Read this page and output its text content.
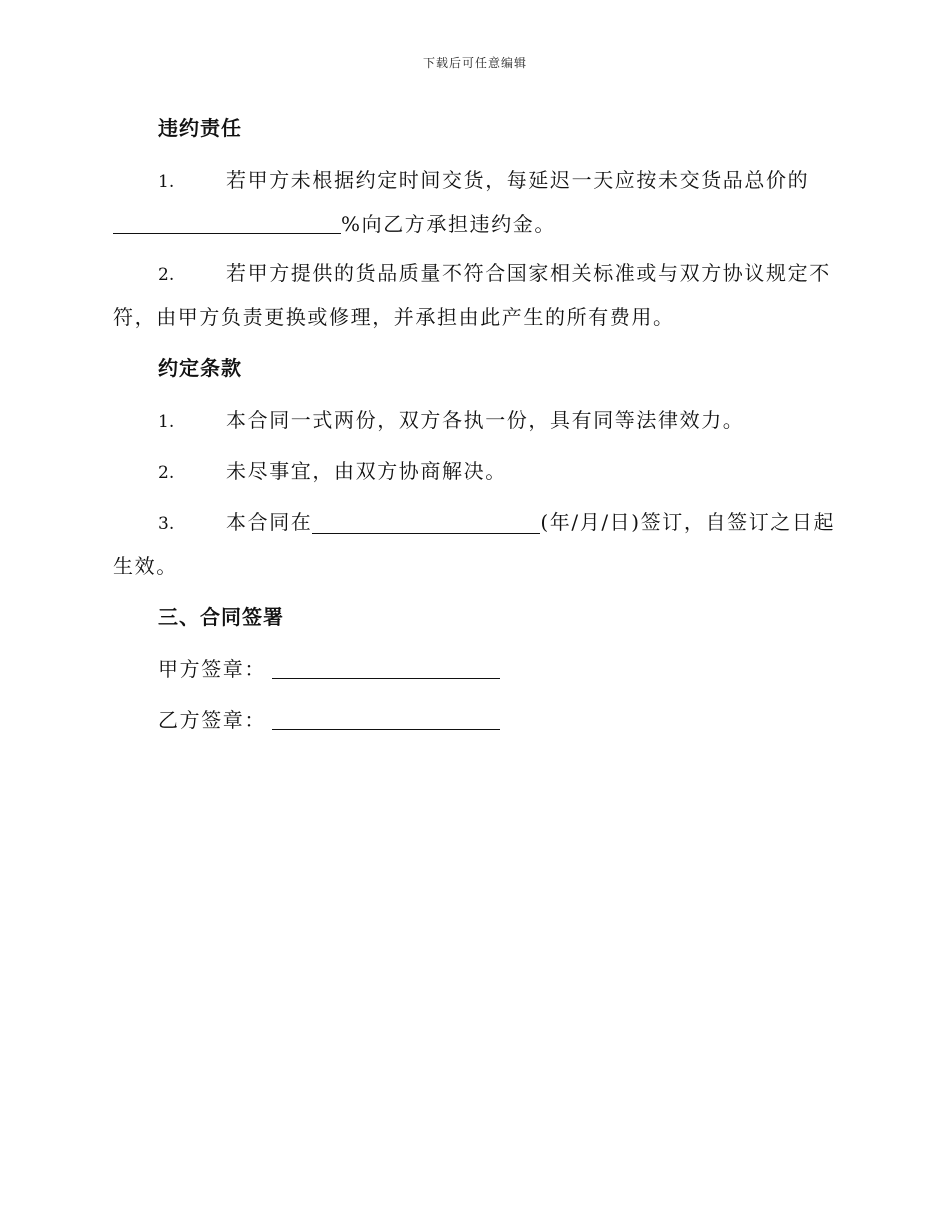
下载后可任意编辑
违约责任
1.	若甲方未根据约定时间交货，每延迟一天应按未交货品总价的
%向乙方承担违约金。
2.	若甲方提供的货品质量不符合国家相关标准或与双方协议规定不
符，由甲方负责更换或修理，并承担由此产生的所有费用。
约定条款
1.	本合同一式两份，双方各执一份，具有同等法律效力。
2.	未尽事宜，由双方协商解决。
3.	本合同在	(年/月/日)签订，自签订之日起
生效。
三、合同签署
甲方签章：
乙方签章：
